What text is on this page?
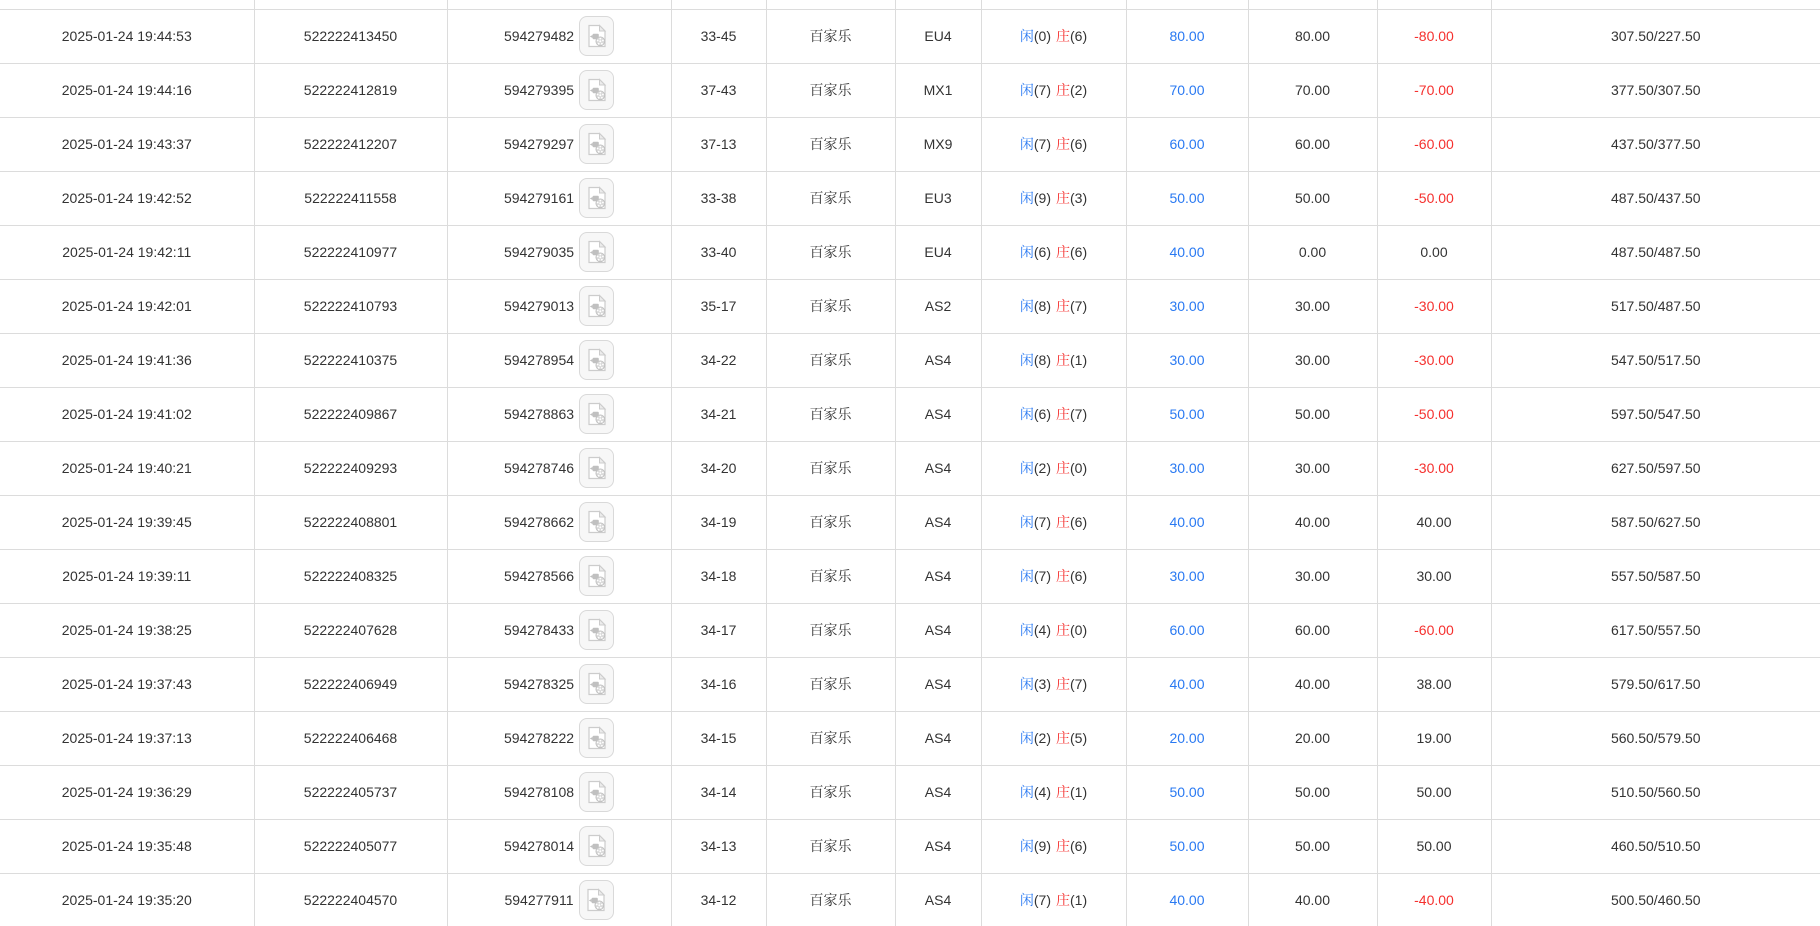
2025-01-24 19:44:53	522222413450	594279482	33-45	百家乐	EU4	闲(0) 庄(6)	80.00	80.00	-80.00	307.50/227.50
2025-01-24 19:44:16	522222412819	594279395	37-43	百家乐	MX1	闲(7) 庄(2)	70.00	70.00	-70.00	377.50/307.50
2025-01-24 19:43:37	522222412207	594279297	37-13	百家乐	MX9	闲(7) 庄(6)	60.00	60.00	-60.00	437.50/377.50
2025-01-24 19:42:52	522222411558	594279161	33-38	百家乐	EU3	闲(9) 庄(3)	50.00	50.00	-50.00	487.50/437.50
2025-01-24 19:42:11	522222410977	594279035	33-40	百家乐	EU4	闲(6) 庄(6)	40.00	0.00	0.00	487.50/487.50
2025-01-24 19:42:01	522222410793	594279013	35-17	百家乐	AS2	闲(8) 庄(7)	30.00	30.00	-30.00	517.50/487.50
2025-01-24 19:41:36	522222410375	594278954	34-22	百家乐	AS4	闲(8) 庄(1)	30.00	30.00	-30.00	547.50/517.50
2025-01-24 19:41:02	522222409867	594278863	34-21	百家乐	AS4	闲(6) 庄(7)	50.00	50.00	-50.00	597.50/547.50
2025-01-24 19:40:21	522222409293	594278746	34-20	百家乐	AS4	闲(2) 庄(0)	30.00	30.00	-30.00	627.50/597.50
2025-01-24 19:39:45	522222408801	594278662	34-19	百家乐	AS4	闲(7) 庄(6)	40.00	40.00	40.00	587.50/627.50
2025-01-24 19:39:11	522222408325	594278566	34-18	百家乐	AS4	闲(7) 庄(6)	30.00	30.00	30.00	557.50/587.50
2025-01-24 19:38:25	522222407628	594278433	34-17	百家乐	AS4	闲(4) 庄(0)	60.00	60.00	-60.00	617.50/557.50
2025-01-24 19:37:43	522222406949	594278325	34-16	百家乐	AS4	闲(3) 庄(7)	40.00	40.00	38.00	579.50/617.50
2025-01-24 19:37:13	522222406468	594278222	34-15	百家乐	AS4	闲(2) 庄(5)	20.00	20.00	19.00	560.50/579.50
2025-01-24 19:36:29	522222405737	594278108	34-14	百家乐	AS4	闲(4) 庄(1)	50.00	50.00	50.00	510.50/560.50
2025-01-24 19:35:48	522222405077	594278014	34-13	百家乐	AS4	闲(9) 庄(6)	50.00	50.00	50.00	460.50/510.50
2025-01-24 19:35:20	522222404570	594277911	34-12	百家乐	AS4	闲(7) 庄(1)	40.00	40.00	-40.00	500.50/460.50
